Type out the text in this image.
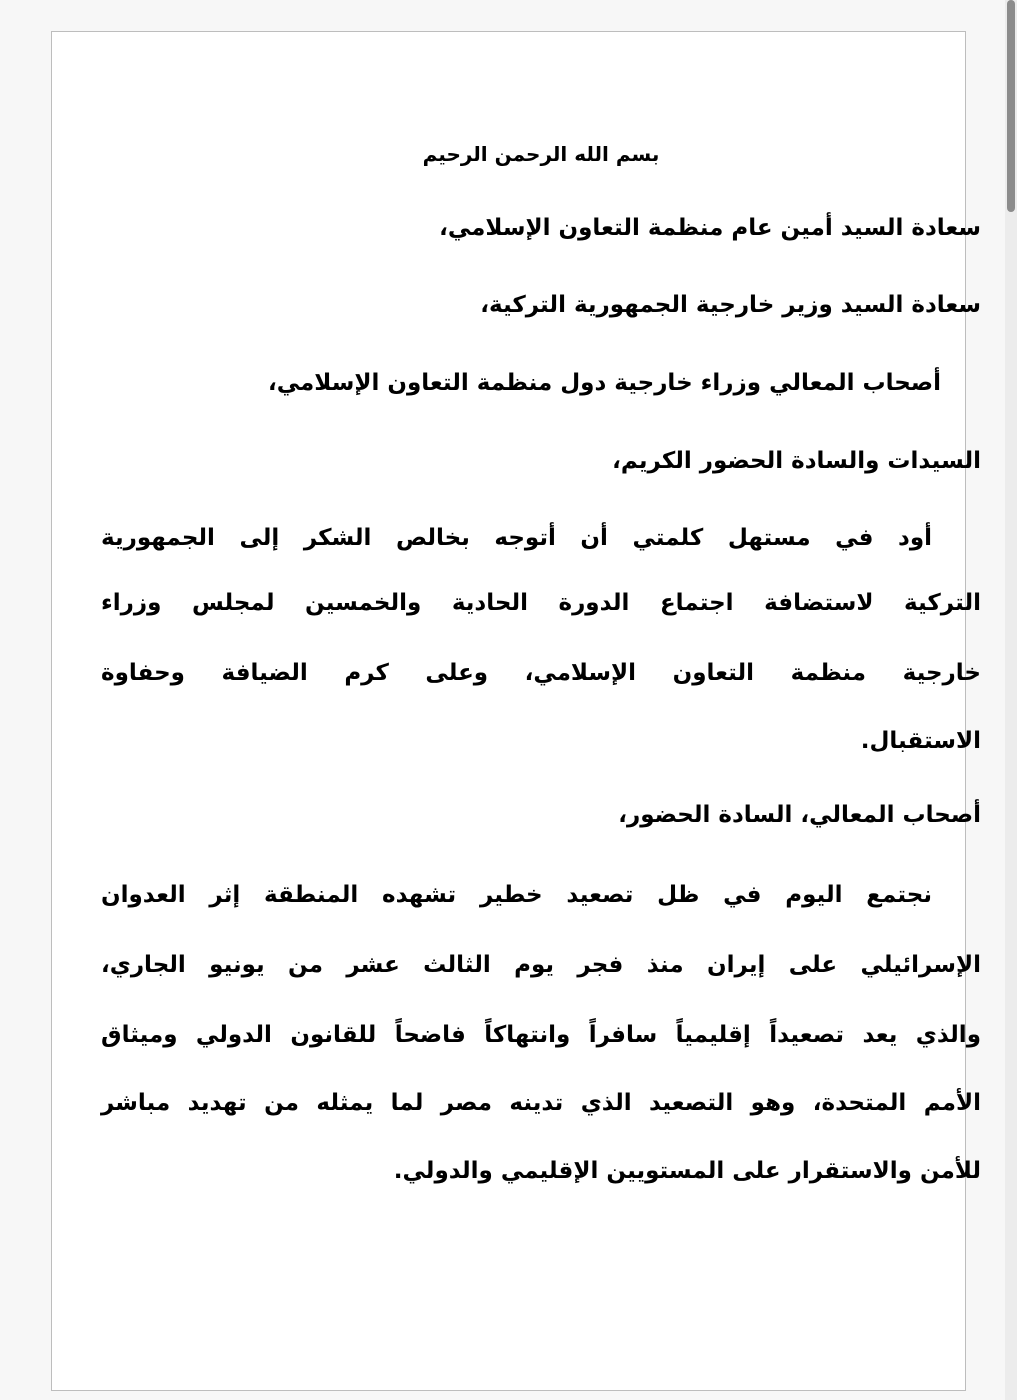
بسم الله الرحمن الرحيم
سعادة السيد أمين عام منظمة التعاون الإسلامي،
سعادة السيد وزير خارجية الجمهورية التركية،
أصحاب المعالي وزراء خارجية دول منظمة التعاون الإسلامي،
السيدات والسادة الحضور الكريم،
أود في مستهل كلمتي أن أتوجه بخالص الشكر إلى الجمهورية
التركية لاستضافة اجتماع الدورة الحادية والخمسين لمجلس وزراء
خارجية منظمة التعاون الإسلامي، وعلى كرم الضيافة وحفاوة
الاستقبال.
أصحاب المعالي، السادة الحضور،
نجتمع اليوم في ظل تصعيد خطير تشهده المنطقة إثر العدوان
الإسرائيلي على إيران منذ فجر يوم الثالث عشر من يونيو الجاري،
والذي يعد تصعيداً إقليمياً سافراً وانتهاكاً فاضحاً للقانون الدولي وميثاق
الأمم المتحدة، وهو التصعيد الذي تدينه مصر لما يمثله من تهديد مباشر
للأمن والاستقرار على المستويين الإقليمي والدولي.
